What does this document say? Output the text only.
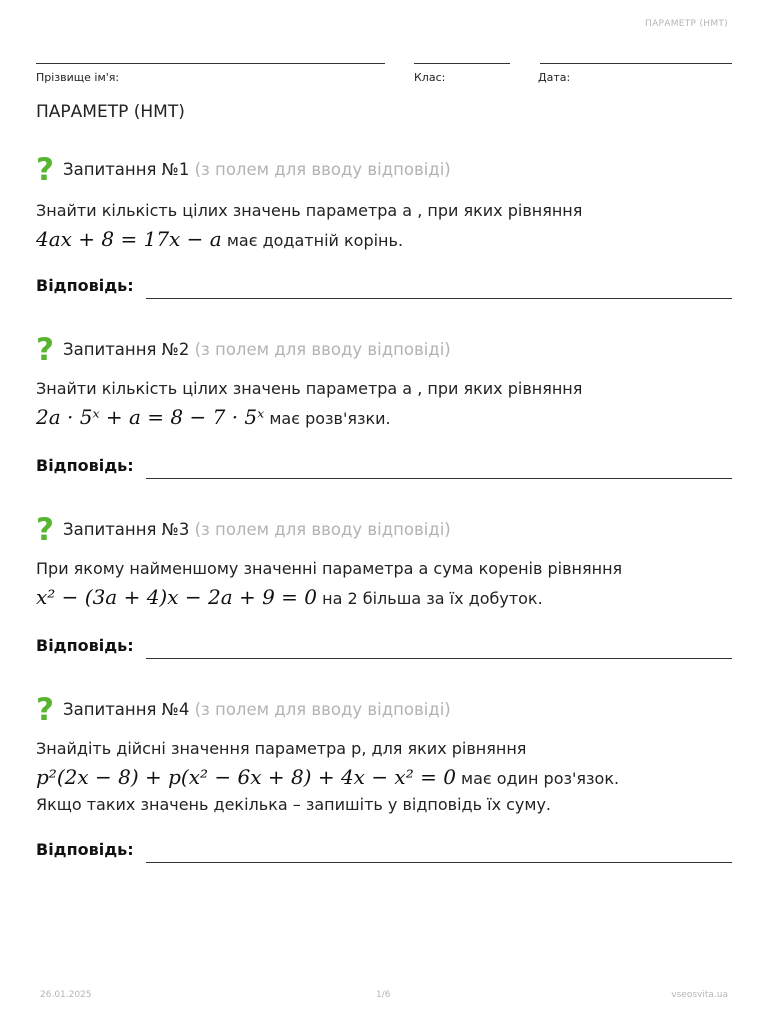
ПАРАМЕТР (НМТ)
Прізвище ім'я:	Клас:	Дата:
ПАРАМЕТР (НМТ)
? Запитання №1 (з полем для вводу відповіді)
Знайти кількість цілих значень параметра а , при яких рівняння
4ax + 8 = 17x − a має додатній корінь.
Відповідь:
? Запитання №2 (з полем для вводу відповіді)
Знайти кількість цілих значень параметра а , при яких рівняння
2a · 5ˣ + a = 8 − 7 · 5ˣ має розв'язки.
Відповідь:
? Запитання №3 (з полем для вводу відповіді)
При якому найменшому значенні параметра а сума коренів рівняння
x² − (3a + 4)x − 2a + 9 = 0 на 2 більша за їх добуток.
Відповідь:
? Запитання №4 (з полем для вводу відповіді)
Знайдіть дійсні значення параметра p, для яких рівняння
p²(2x − 8) + p(x² − 6x + 8) + 4x − x² = 0 має один роз'язок.
Якщо таких значень декілька – запишіть у відповідь їх суму.
Відповідь:
26.01.2025	1/6	vseosvita.ua
